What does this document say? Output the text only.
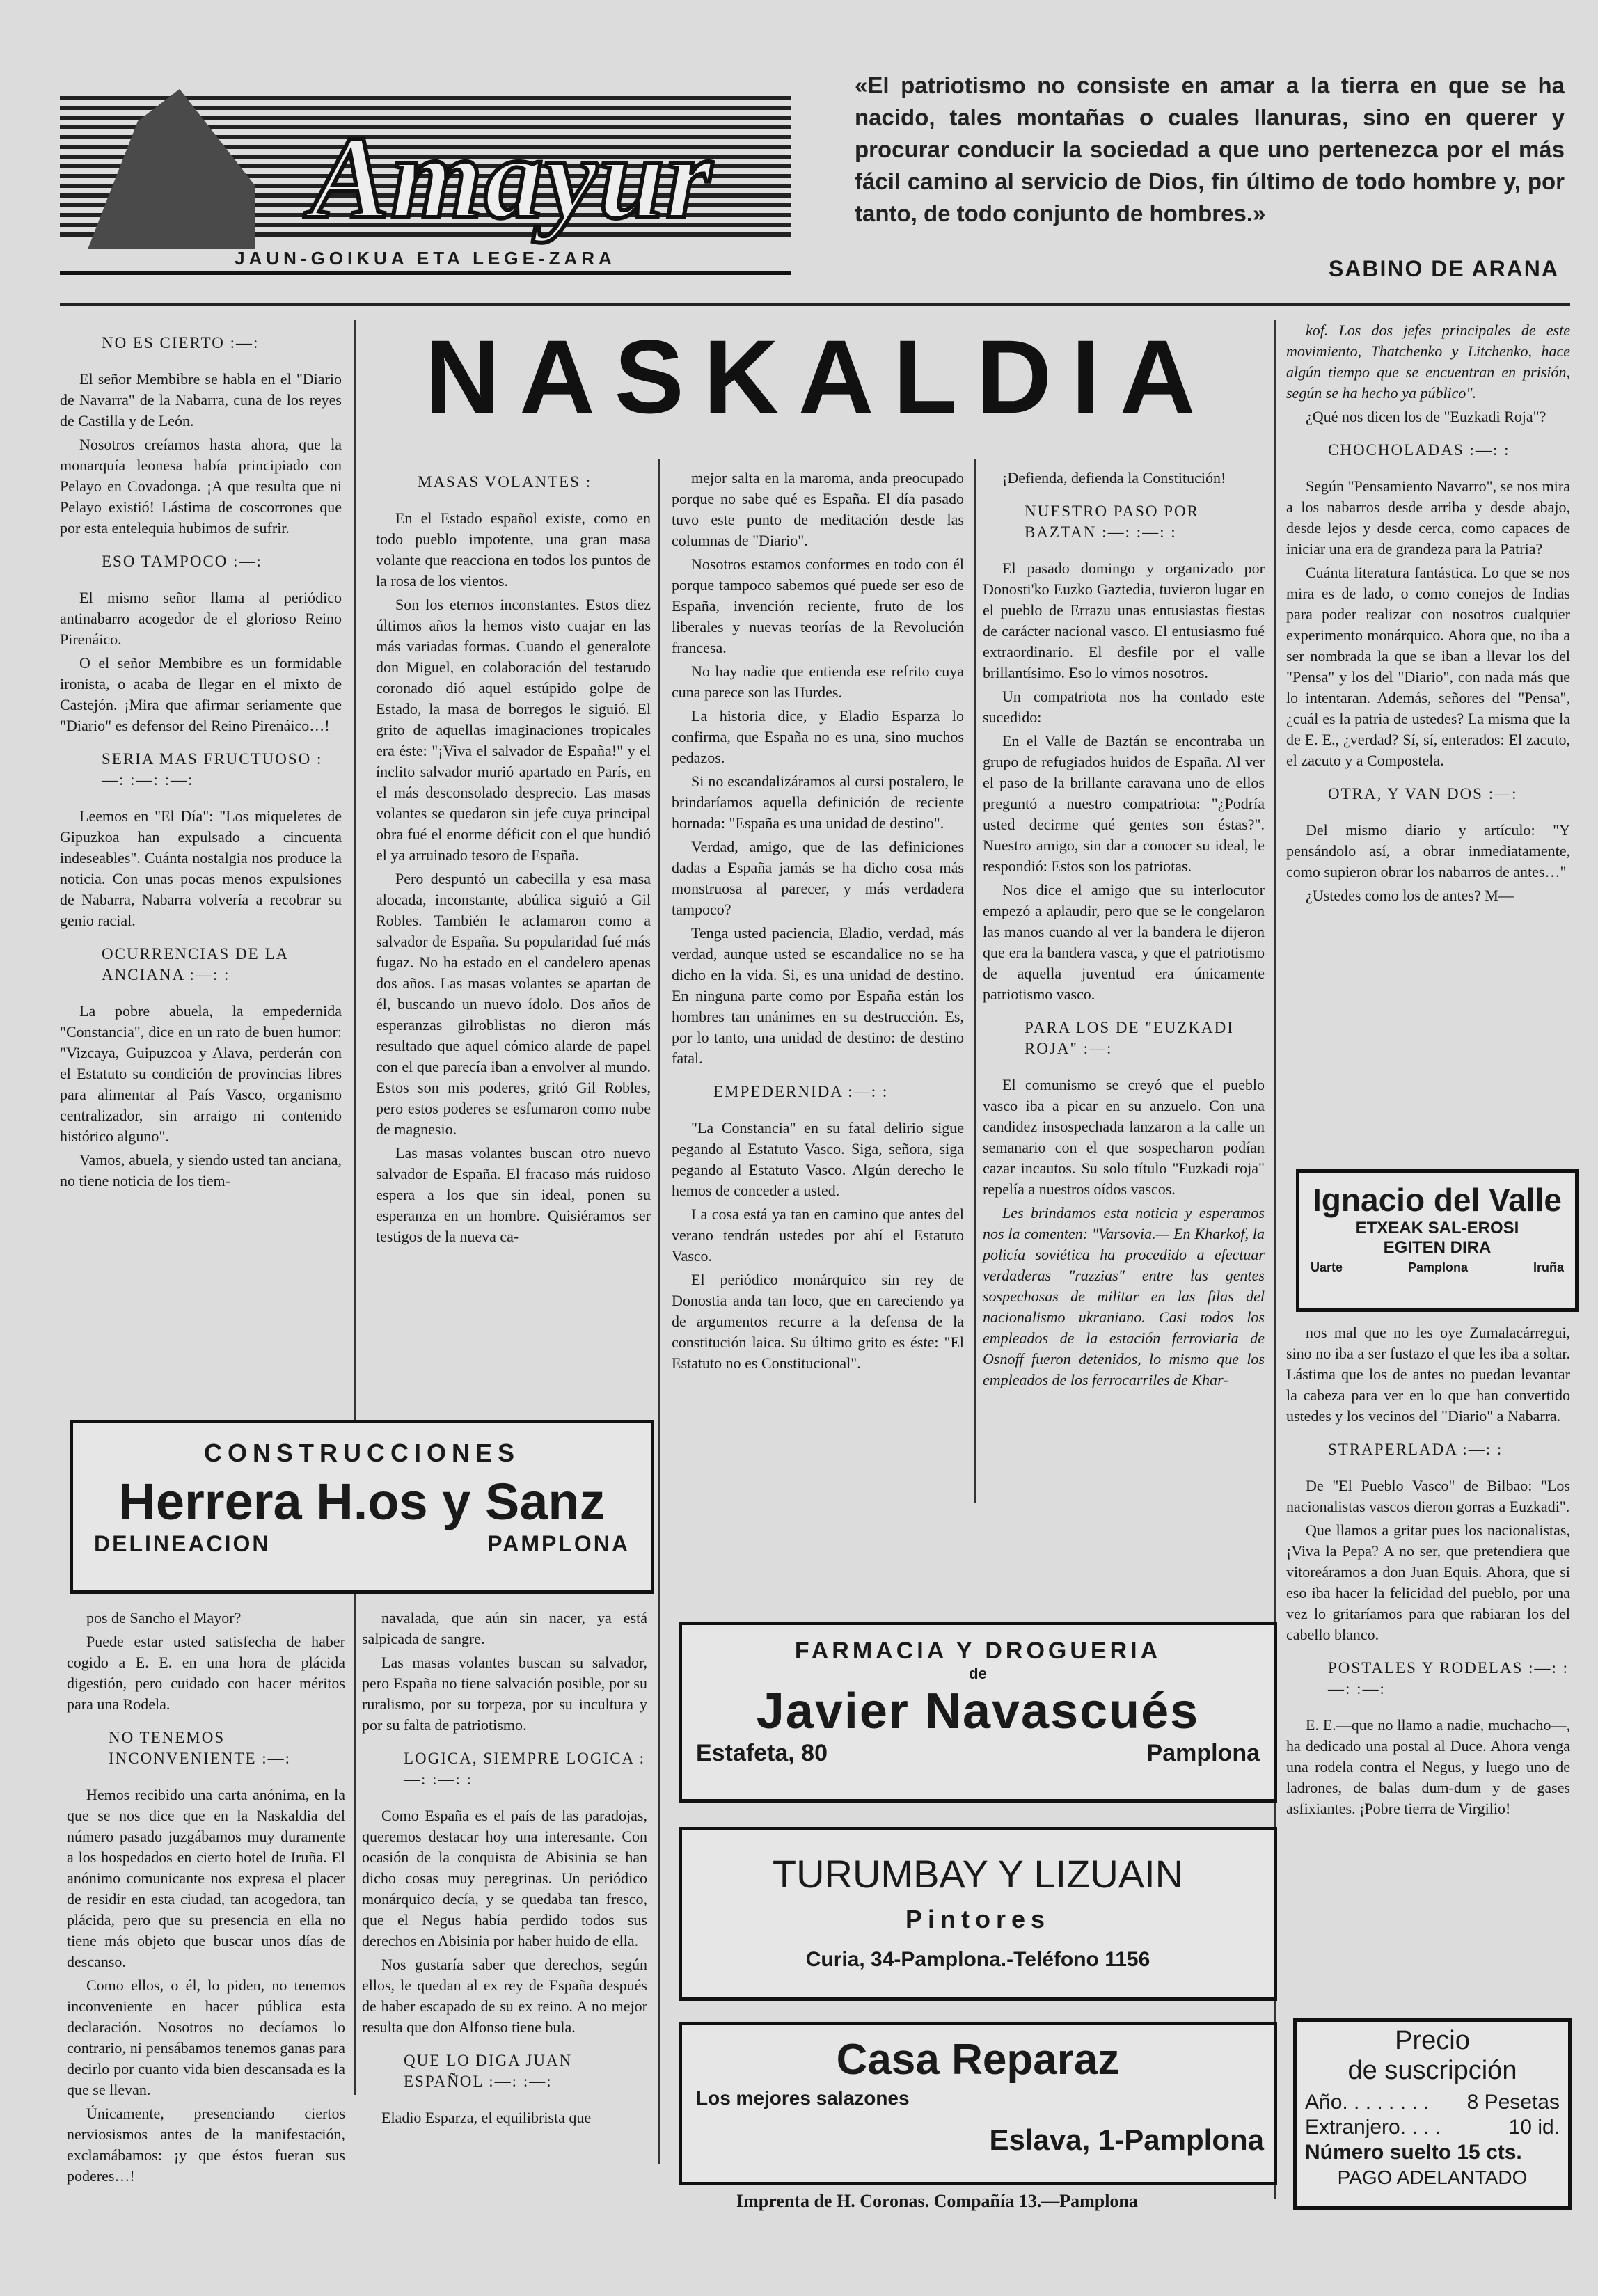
Amayur
JAUN-GOIKUA ETA LEGE-ZARA
«El patriotismo no consiste en amar a la tierra en que se ha nacido, tales montañas o cuales llanuras, sino en querer y procurar conducir la sociedad a que uno pertenezca por el más fácil camino al servicio de Dios, fin último de todo hombre y, por tanto, de todo conjunto de hombres.»
SABINO DE ARANA
NASKALDIA
NO ES CIERTO :—:

El señor Membibre se habla en el "Diario de Navarra" de la Nabarra, cuna de los reyes de Castilla y de León.

Nosotros creíamos hasta ahora, que la monarquía leonesa había principiado con Pelayo en Covadonga. ¡A que resulta que ni Pelayo existió! Lástima de coscorrones que por esta entelequia hubimos de sufrir.

ESO TAMPOCO :—:

El mismo señor llama al periódico antinabarro acogedor de el glorioso Reino Pirenáico.

O el señor Membibre es un formidable ironista, o acaba de llegar en el mixto de Castejón. ¡Mira que afirmar seriamente que "Diario" es defensor del Reino Pirenáico…!

SERIA MAS FRUCTUOSO :—: :—: :—:

Leemos en "El Día": "Los miqueletes de Gipuzkoa han expulsado a cincuenta indeseables". Cuánta nostalgia nos produce la noticia. Con unas pocas menos expulsiones de Nabarra, Nabarra volvería a recobrar su genio racial.

OCURRENCIAS DE LA ANCIANA :—: :

La pobre abuela, la empedernida "Constancia", dice en un rato de buen humor: "Vizcaya, Guipuzcoa y Alava, perderán con el Estatuto su condición de provincias libres para alimentar al País Vasco, organismo centralizador, sin arraigo ni contenido histórico alguno".

Vamos, abuela, y siendo usted tan anciana, no tiene noticia de los tiem-

CONSTRUCCIONES
Herrera H.os y Sanz
DELINEACION	PAMPLONA

pos de Sancho el Mayor?

Puede estar usted satisfecha de haber cogido a E. E. en una hora de plácida digestión, pero cuidado con hacer méritos para una Rodela.

NO TENEMOS INCONVENIENTE :—:

Hemos recibido una carta anónima, en la que se nos dice que en la Naskaldia del número pasado juzgábamos muy duramente a los hospedados en cierto hotel de Iruña. El anónimo comunicante nos expresa el placer de residir en esta ciudad, tan acogedora, tan plácida, pero que su presencia en ella no tiene más objeto que buscar unos días de descanso.

Como ellos, o él, lo piden, no tenemos inconveniente en hacer pública esta declaración. Nosotros no decíamos lo contrario, ni pensábamos tenemos ganas para decirlo por cuanto vida bien descansada es la que se llevan.

Únicamente, presenciando ciertos nerviosismos antes de la manifestación, exclamábamos: ¡y que éstos fueran sus poderes…!

MASAS VOLANTES :

En el Estado español existe, como en todo pueblo impotente, una gran masa volante que reacciona en todos los puntos de la rosa de los vientos.

Son los eternos inconstantes. Estos diez últimos años la hemos visto cuajar en las más variadas formas. Cuando el generalote don Miguel, en colaboración del testarudo coronado dió aquel estúpido golpe de Estado, la masa de borregos le siguió. El grito de aquellas imaginaciones tropicales era éste: "¡Viva el salvador de España!" y el ínclito salvador murió apartado en París, en el más desconsolado desprecio. Las masas volantes se quedaron sin jefe cuya principal obra fué el enorme déficit con el que hundió el ya arruinado tesoro de España.

Pero despuntó un cabecilla y esa masa alocada, inconstante, abúlica siguió a Gil Robles. También le aclamaron como a salvador de España. Su popularidad fué más fugaz. No ha estado en el candelero apenas dos años. Las masas volantes se apartan de él, buscando un nuevo ídolo. Dos años de esperanzas gilroblistas no dieron más resultado que aquel cómico alarde de papel con el que parecía iban a envolver al mundo. Estos son mis poderes, gritó Gil Robles, pero estos poderes se esfumaron como nube de magnesio.

Las masas volantes buscan otro nuevo salvador de España. El fracaso más ruidoso espera a los que sin ideal, ponen su esperanza en un hombre. Quisiéramos ser testigos de la nueva ca-

navalada, que aún sin nacer, ya está salpicada de sangre.

Las masas volantes buscan su salvador, pero España no tiene salvación posible, por su ruralismo, por su torpeza, por su incultura y por su falta de patriotismo.

LOGICA, SIEMPRE LOGICA :—: :—: :

Como España es el país de las paradojas, queremos destacar hoy una interesante. Con ocasión de la conquista de Abisinia se han dicho cosas muy peregrinas. Un periódico monárquico decía, y se quedaba tan fresco, que el Negus había perdido todos sus derechos en Abisinia por haber huido de ella.

Nos gustaría saber que derechos, según ellos, le quedan al ex rey de España después de haber escapado de su ex reino. A no mejor resulta que don Alfonso tiene bula.

QUE LO DIGA JUAN ESPAÑOL :—: :—:

Eladio Esparza, el equilibrista que

mejor salta en la maroma, anda preocupado porque no sabe qué es España. El día pasado tuvo este punto de meditación desde las columnas de "Diario".

Nosotros estamos conformes en todo con él porque tampoco sabemos qué puede ser eso de España, invención reciente, fruto de los liberales y nuevas teorías de la Revolución francesa.

No hay nadie que entienda ese refrito cuya cuna parece son las Hurdes.

La historia dice, y Eladio Esparza lo confirma, que España no es una, sino muchos pedazos.

Si no escandalizáramos al cursi postalero, le brindaríamos aquella definición de reciente hornada: "España es una unidad de destino".

Verdad, amigo, que de las definiciones dadas a España jamás se ha dicho cosa más monstruosa al parecer, y más verdadera tampoco?

Tenga usted paciencia, Eladio, verdad, más verdad, aunque usted se escandalice no se ha dicho en la vida. Si, es una unidad de destino. En ninguna parte como por España están los hombres tan unánimes en su destrucción. Es, por lo tanto, una unidad de destino: de destino fatal.

EMPEDERNIDA :—: :

"La Constancia" en su fatal delirio sigue pegando al Estatuto Vasco. Siga, señora, siga pegando al Estatuto Vasco. Algún derecho le hemos de conceder a usted.

La cosa está ya tan en camino que antes del verano tendrán ustedes por ahí el Estatuto Vasco.

El periódico monárquico sin rey de Donostia anda tan loco, que en careciendo ya de argumentos recurre a la defensa de la constitución laica. Su último grito es éste: "El Estatuto no es Constitucional".

¡Defienda, defienda la Constitución!

NUESTRO PASO POR BAZTAN :—: :—: :

El pasado domingo y organizado por Donosti'ko Euzko Gaztedia, tuvieron lugar en el pueblo de Errazu unas entusiastas fiestas de carácter nacional vasco. El entusiasmo fué extraordinario. El desfile por el valle brillantísimo. Eso lo vimos nosotros.

Un compatriota nos ha contado este sucedido:

En el Valle de Baztán se encontraba un grupo de refugiados huidos de España. Al ver el paso de la brillante caravana uno de ellos preguntó a nuestro compatriota: "¿Podría usted decirme qué gentes son éstas?". Nuestro amigo, sin dar a conocer su ideal, le respondió: Estos son los patriotas.

Nos dice el amigo que su interlocutor empezó a aplaudir, pero que se le congelaron las manos cuando al ver la bandera le dijeron que era la bandera vasca, y que el patriotismo de aquella juventud era únicamente patriotismo vasco.

PARA LOS DE "EUZKADI ROJA" :—:

El comunismo se creyó que el pueblo vasco iba a picar en su anzuelo. Con una candidez insospechada lanzaron a la calle un semanario con el que sospecharon podían cazar incautos. Su solo título "Euzkadi roja" repelía a nuestros oídos vascos.

Les brindamos esta noticia y esperamos nos la comenten: "Varsovia.— En Kharkof, la policía soviética ha procedido a efectuar verdaderas "razzias" entre las gentes sospechosas de militar en las filas del nacionalismo ukraniano. Casi todos los empleados de la estación ferroviaria de Osnoff fueron detenidos, lo mismo que los empleados de los ferrocarriles de Khar-

kof. Los dos jefes principales de este movimiento, Thatchenko y Litchenko, hace algún tiempo que se encuentran en prisión, según se ha hecho ya público".

¿Qué nos dicen los de "Euzkadi Roja"?

CHOCHOLADAS :—: :

Según "Pensamiento Navarro", se nos mira a los nabarros desde arriba y desde abajo, desde lejos y desde cerca, como capaces de iniciar una era de grandeza para la Patria?

Cuánta literatura fantástica. Lo que se nos mira es de lado, o como conejos de Indias para poder realizar con nosotros cualquier experimento monárquico. Ahora que, no iba a ser nombrada la que se iban a llevar los del "Pensa" y los del "Diario", con nada más que lo intentaran. Además, señores del "Pensa", ¿cuál es la patria de ustedes? La misma que la de E. E., ¿verdad? Sí, sí, enterados: El zacuto, el zacuto y a Compostela.

OTRA, Y VAN DOS :—:

Del mismo diario y artículo: "Y pensándolo así, a obrar inmediatamente, como supieron obrar los nabarros de antes…"

¿Ustedes como los de antes? M—

Ignacio del Valle
ETXEAK SAL-EROSI
EGITEN DIRA
Uarte	Pamplona	Iruña

nos mal que no les oye Zumalacárregui, sino no iba a ser fustazo el que les iba a soltar. Lástima que los de antes no puedan levantar la cabeza para ver en lo que han convertido ustedes y los vecinos del "Diario" a Nabarra.

STRAPERLADA :—: :

De "El Pueblo Vasco" de Bilbao: "Los nacionalistas vascos dieron gorras a Euzkadi".

Que llamos a gritar pues los nacionalistas, ¡Viva la Pepa? A no ser, que pretendiera que vitoreáramos a don Juan Equis. Ahora, que si eso iba hacer la felicidad del pueblo, por una vez lo gritaríamos para que rabiaran los del cabello blanco.

POSTALES Y RODELAS :—: :—: :—:

E. E.—que no llamo a nadie, muchacho—, ha dedicado una postal al Duce. Ahora venga una rodela contra el Negus, y luego uno de ladrones, de balas dum-dum y de gases asfixiantes. ¡Pobre tierra de Virgilio!

FARMACIA Y DROGUERIA
de
Javier Navascués
Estafeta, 80	Pamplona
TURUMBAY Y LIZUAIN
Pintores
Curia, 34-Pamplona.-Teléfono 1156
Casa Reparaz
Los mejores salazones
Eslava, 1-Pamplona
Imprenta de H. Coronas. Compañía 13.—Pamplona
Precio
de suscripción
Año. . . . . . . . 8 Pesetas
Extranjero. . . .	10 id.
Número suelto 15 cts.
PAGO ADELANTADO
